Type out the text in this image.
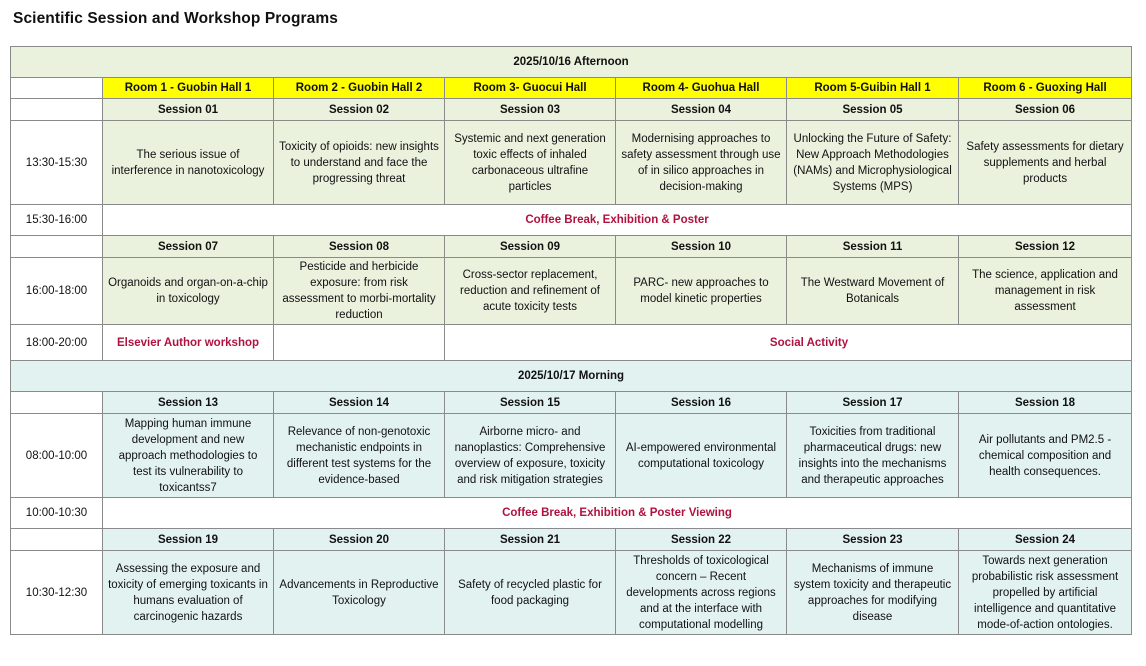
Scientific Session and Workshop Programs
2025/10/16 Afternoon						
	Room 1 - Guobin Hall 1	Room 2 - Guobin Hall 2	Room 3- Guocui Hall	Room 4- Guohua Hall	Room 5-Guibin Hall 1	Room 6 - Guoxing Hall
	Session 01	Session 02	Session 03	Session 04	Session 05	Session 06
13:30-15:30	The serious issue of interference in nanotoxicology	Toxicity of opioids: new insights to understand and face the progressing threat	Systemic and next generation toxic effects of inhaled carbonaceous ultrafine particles	Modernising approaches to safety assessment through use of in silico approaches in decision-making	Unlocking the Future of Safety: New Approach Methodologies (NAMs) and Microphysiological Systems (MPS)	Safety assessments for dietary supplements and herbal products
15:30-16:00	Coffee Break, Exhibition & Poster					
	Session 07	Session 08	Session 09	Session 10	Session 11	Session 12
16:00-18:00	Organoids and organ-on-a-chip in toxicology	Pesticide and herbicide exposure: from risk assessment to morbi-mortality reduction	Cross-sector replacement, reduction and refinement of acute toxicity tests	PARC- new approaches to model kinetic properties	The Westward Movement of Botanicals	The science, application and management in risk assessment
18:00-20:00	Elsevier Author workshop		Social Activity			
2025/10/17 Morning						
	Session 13	Session 14	Session 15	Session 16	Session 17	Session 18
08:00-10:00	Mapping human immune development and new approach methodologies to test its vulnerability to toxicantss7	Relevance of non-genotoxic mechanistic endpoints in different test systems for the evidence-based	Airborne micro- and nanoplastics: Comprehensive overview of exposure, toxicity and risk mitigation strategies	AI-empowered environmental computational toxicology	Toxicities from traditional pharmaceutical drugs: new insights into the mechanisms and therapeutic approaches	Air pollutants and PM2.5 - chemical composition and health consequences.
10:00-10:30	Coffee Break, Exhibition & Poster Viewing					
	Session 19	Session 20	Session 21	Session 22	Session 23	Session 24
10:30-12:30	Assessing the exposure and toxicity of emerging toxicants in humans evaluation of carcinogenic hazards	Advancements in Reproductive Toxicology	Safety of recycled plastic for food packaging	Thresholds of toxicological concern – Recent developments across regions and at the interface with computational modelling	Mechanisms of immune system toxicity and therapeutic approaches for modifying disease	Towards next generation probabilistic risk assessment propelled by artificial intelligence and quantitative mode-of-action ontologies.
